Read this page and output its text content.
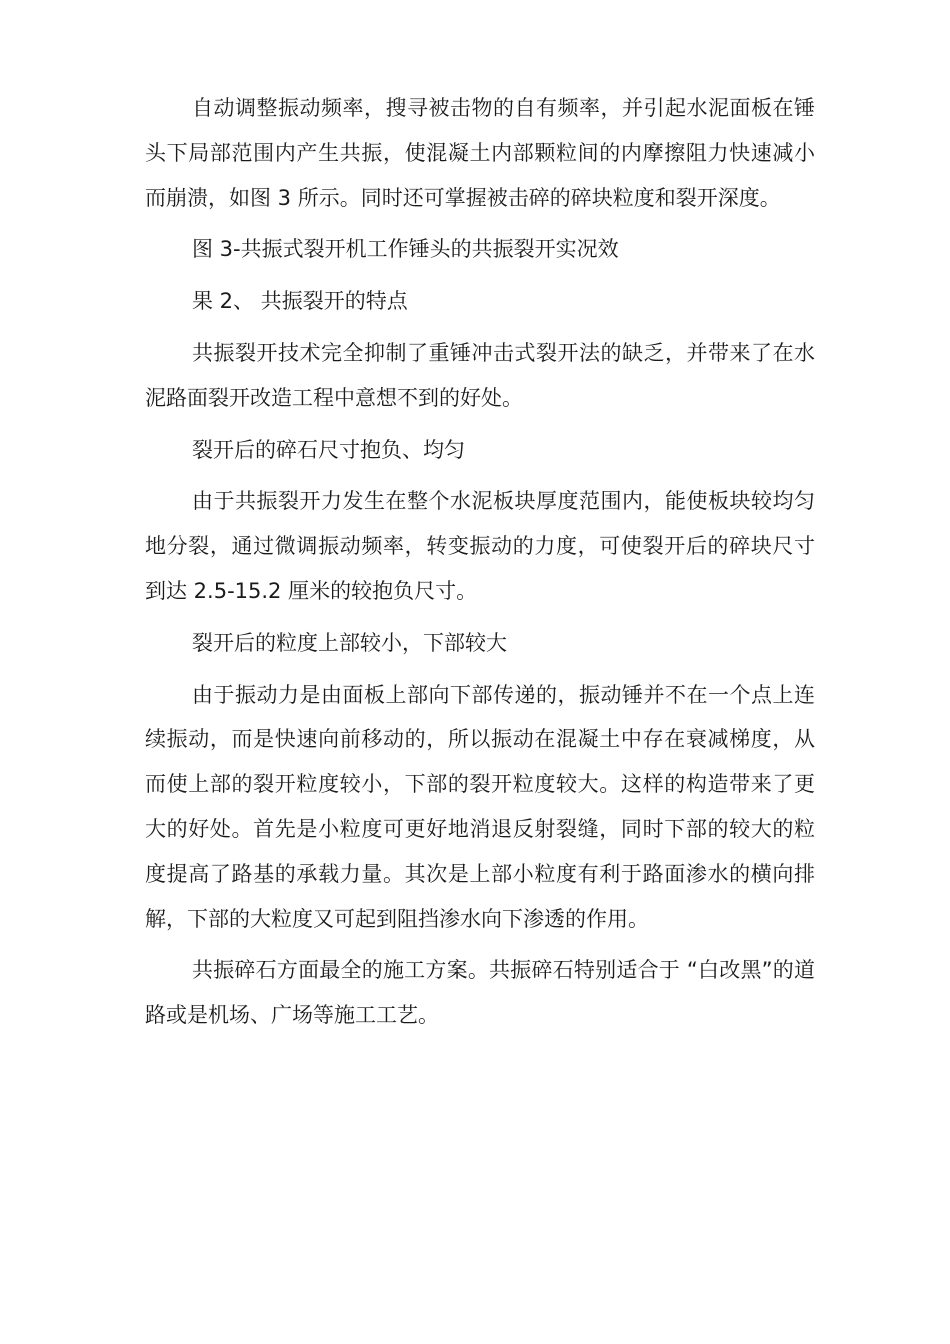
自动调整振动频率，搜寻被击物的自有频率，并引起水泥面板在锤头下局部范围内产生共振，使混凝土内部颗粒间的内摩擦阻力快速减小而崩溃，如图 3 所示。同时还可掌握被击碎的碎块粒度和裂开深度。

图 3-共振式裂开机工作锤头的共振裂开实况效

果 2、 共振裂开的特点

共振裂开技术完全抑制了重锤冲击式裂开法的缺乏，并带来了在水泥路面裂开改造工程中意想不到的好处。

裂开后的碎石尺寸抱负、均匀

由于共振裂开力发生在整个水泥板块厚度范围内，能使板块较均匀地分裂，通过微调振动频率，转变振动的力度，可使裂开后的碎块尺寸到达 2.5-15.2 厘米的较抱负尺寸。

裂开后的粒度上部较小，下部较大

由于振动力是由面板上部向下部传递的，振动锤并不在一个点上连续振动，而是快速向前移动的，所以振动在混凝土中存在衰减梯度，从而使上部的裂开粒度较小，下部的裂开粒度较大。这样的构造带来了更大的好处。首先是小粒度可更好地消退反射裂缝，同时下部的较大的粒度提高了路基的承载力量。其次是上部小粒度有利于路面渗水的横向排解，下部的大粒度又可起到阻挡渗水向下渗透的作用。

共振碎石方面最全的施工方案。共振碎石特别适合于 “白改黑”的道路或是机场、广场等施工工艺。
